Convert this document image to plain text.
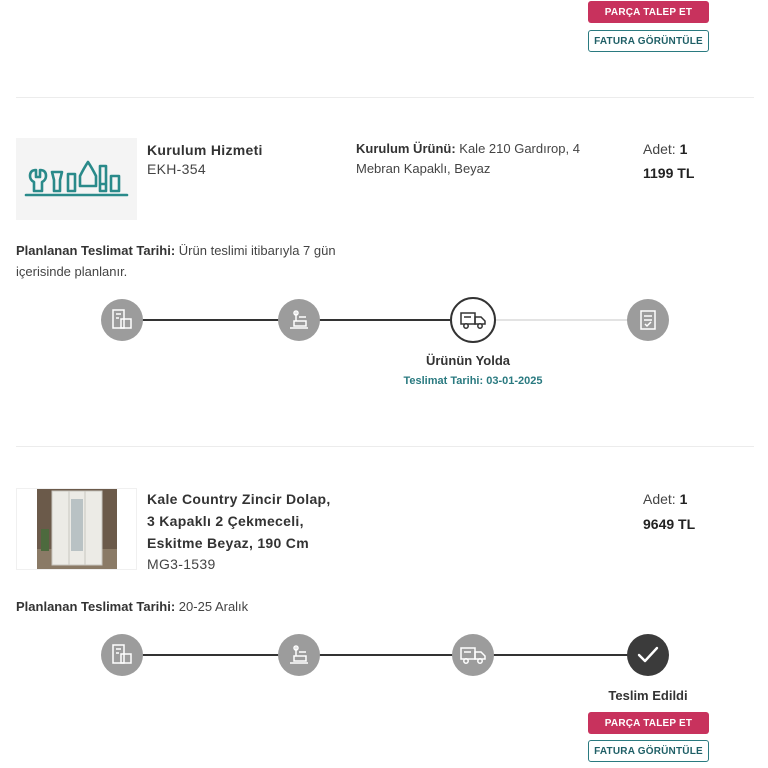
PARÇA TALEP ET
FATURA GÖRÜNTÜLE
Kurulum Hizmeti
EKH-354
Kurulum Ürünü: Kale 210 Gardırop, 4 Mebran Kapaklı, Beyaz
Adet: 1
1199 TL
Planlanan Teslimat Tarihi: Ürün teslimi itibarıyla 7 gün içerisinde planlanır.
Ürünün Yolda
Teslimat Tarihi: 03-01-2025
Kale Country Zincir Dolap,
3 Kapaklı 2 Çekmeceli,
Eskitme Beyaz, 190 Cm
MG3-1539
Adet: 1
9649 TL
Planlanan Teslimat Tarihi: 20-25 Aralık
Teslim Edildi
PARÇA TALEP ET
FATURA GÖRÜNTÜLE
